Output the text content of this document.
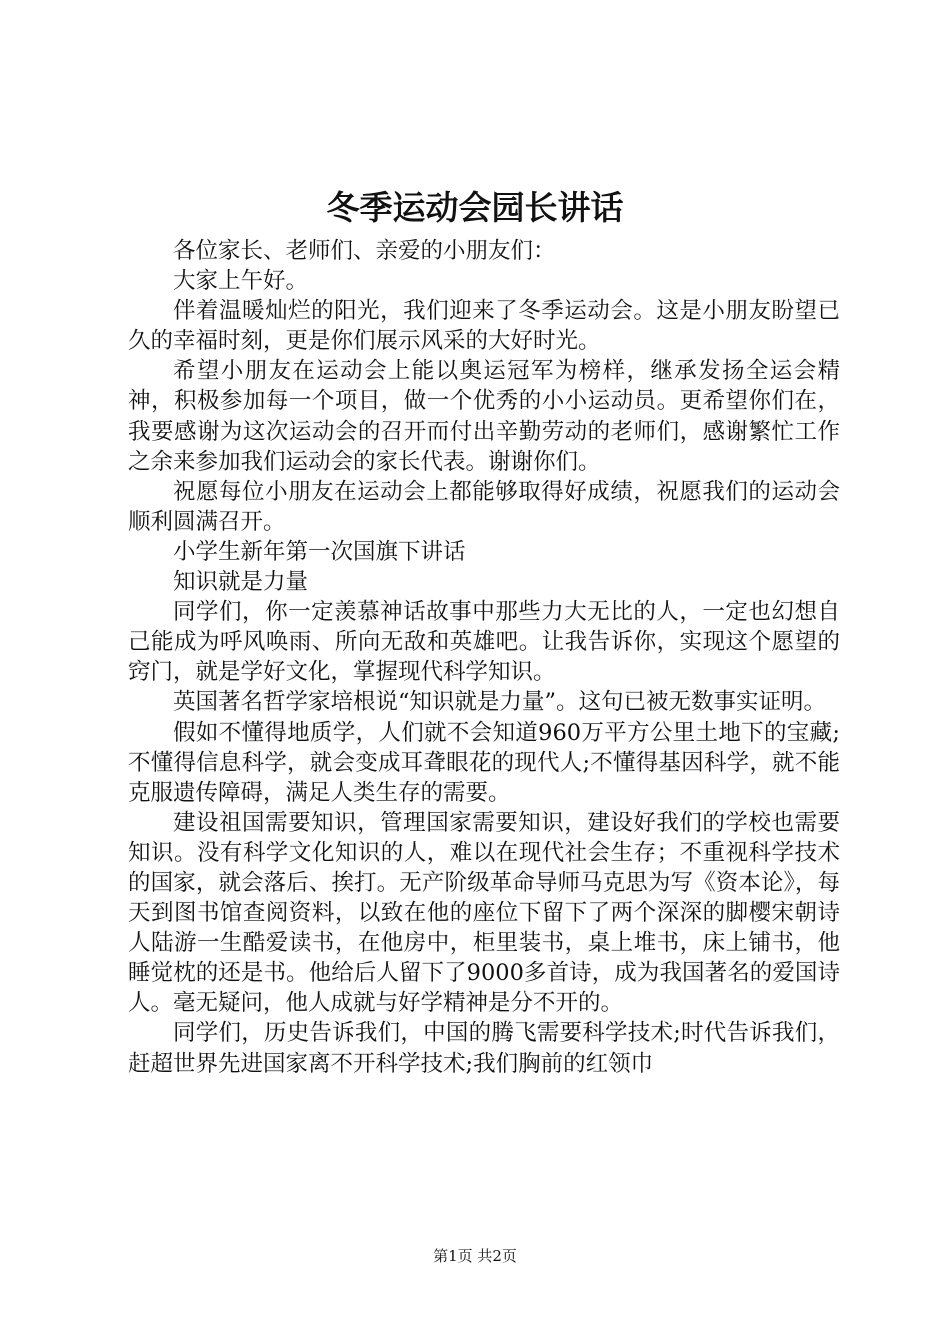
冬季运动会园长讲话

各位家长、老师们、亲爱的小朋友们：

大家上午好。

伴着温暖灿烂的阳光，我们迎来了冬季运动会。这是小朋友盼望已久的幸福时刻，更是你们展示风采的大好时光。

希望小朋友在运动会上能以奥运冠军为榜样，继承发扬全运会精神，积极参加每一个项目，做一个优秀的小小运动员。更希望你们在，我要感谢为这次运动会的召开而付出辛勤劳动的老师们，感谢繁忙工作之余来参加我们运动会的家长代表。谢谢你们。

祝愿每位小朋友在运动会上都能够取得好成绩，祝愿我们的运动会顺利圆满召开。

小学生新年第一次国旗下讲话

知识就是力量

同学们，你一定羡慕神话故事中那些力大无比的人，一定也幻想自己能成为呼风唤雨、所向无敌和英雄吧。让我告诉你，实现这个愿望的窍门，就是学好文化，掌握现代科学知识。

英国著名哲学家培根说“知识就是力量”。这句已被无数事实证明。

假如不懂得地质学，人们就不会知道960万平方公里土地下的宝藏;不懂得信息科学，就会变成耳聋眼花的现代人;不懂得基因科学，就不能克服遗传障碍，满足人类生存的需要。

建设祖国需要知识，管理国家需要知识，建设好我们的学校也需要知识。没有科学文化知识的人，难以在现代社会生存；不重视科学技术的国家，就会落后、挨打。无产阶级革命导师马克思为写《资本论》，每天到图书馆查阅资料，以致在他的座位下留下了两个深深的脚樱宋朝诗人陆游一生酷爱读书，在他房中，柜里装书，桌上堆书，床上铺书，他睡觉枕的还是书。他给后人留下了9000多首诗，成为我国著名的爱国诗人。毫无疑问，他人成就与好学精神是分不开的。

同学们，历史告诉我们，中国的腾飞需要科学技术;时代告诉我们，赶超世界先进国家离不开科学技术;我们胸前的红领巾

第1页 共2页
